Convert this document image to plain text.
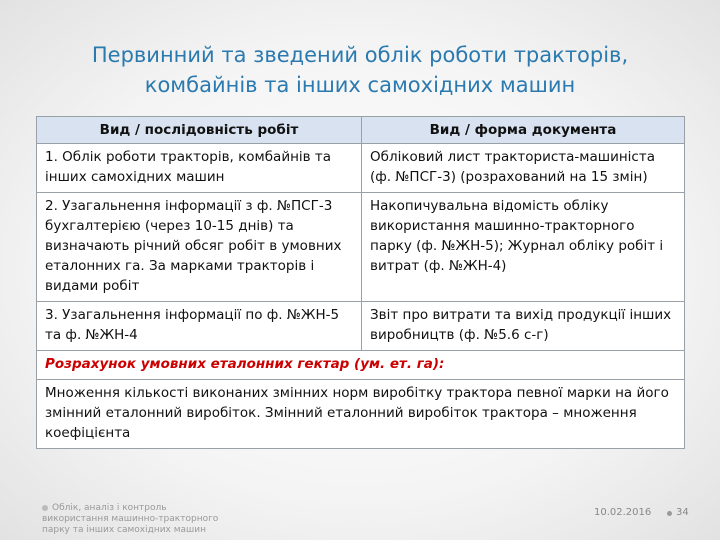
Первинний та зведений облік роботи тракторів,
комбайнів та інших самохідних машин
Вид / послідовність робіт	Вид / форма документа
1. Облік роботи тракторів, комбайнів та інших самохідних машин	Обліковий лист тракториста-машиніста (ф. №ПСГ-3) (розрахований на 15 змін)
2. Узагальнення інформації з ф. №ПСГ-3 бухгалтерією (через 10-15 днів) та визначають річний обсяг робіт в умовних еталонних га. За марками тракторів і видами робіт	Накопичувальна відомість обліку використання машинно-тракторного парку (ф. №ЖН-5); Журнал обліку робіт і витрат (ф. №ЖН-4)
3. Узагальнення інформації по ф. №ЖН-5 та ф. №ЖН-4	Звіт про витрати та вихід продукції інших виробництв (ф. №5.6 с-г)
Розрахунок умовних еталонних гектар (ум. ет. га):	
Множення кількості виконаних змінних норм виробітку трактора певної марки на його змінний еталонний виробіток. Змінний еталонний виробіток трактора – множення коефіцієнта	
Облік, аналіз і контроль використання машинно-тракторного парку та інших самохідних машин
10.02.2016 34
